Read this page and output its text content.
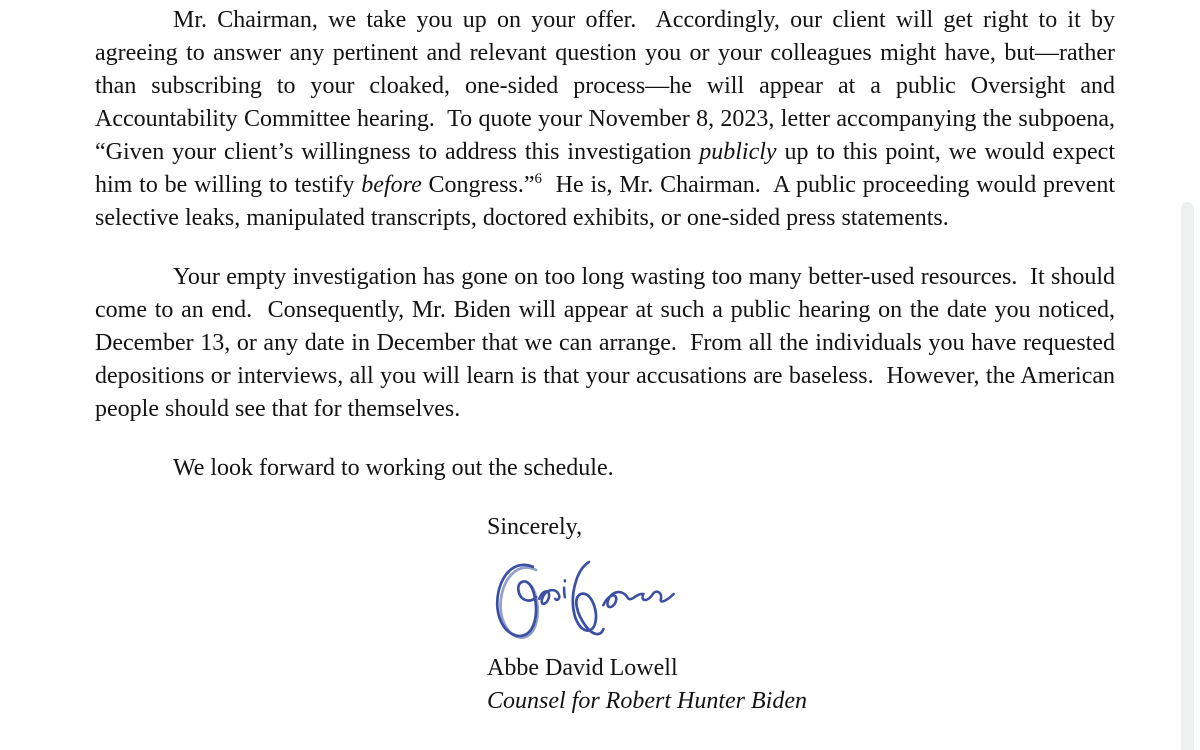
Mr. Chairman, we take you up on your offer.  Accordingly, our client will get right to it by agreeing to answer any pertinent and relevant question you or your colleagues might have, but—rather than subscribing to your cloaked, one-sided process—he will appear at a public Oversight and Accountability Committee hearing.  To quote your November 8, 2023, letter accompanying the subpoena, “Given your client’s willingness to address this investigation publicly up to this point, we would expect him to be willing to testify before Congress.”$^6$  He is, Mr. Chairman.  A public proceeding would prevent selective leaks, manipulated transcripts, doctored exhibits, or one-sided press statements.

Your empty investigation has gone on too long wasting too many better-used resources.  It should come to an end.  Consequently, Mr. Biden will appear at such a public hearing on the date you noticed, December 13, or any date in December that we can arrange.  From all the individuals you have requested depositions or interviews, all you will learn is that your accusations are baseless.  However, the American people should see that for themselves.

We look forward to working out the schedule.

Sincerely,

Abbe David Lowell

Counsel for Robert Hunter Biden
